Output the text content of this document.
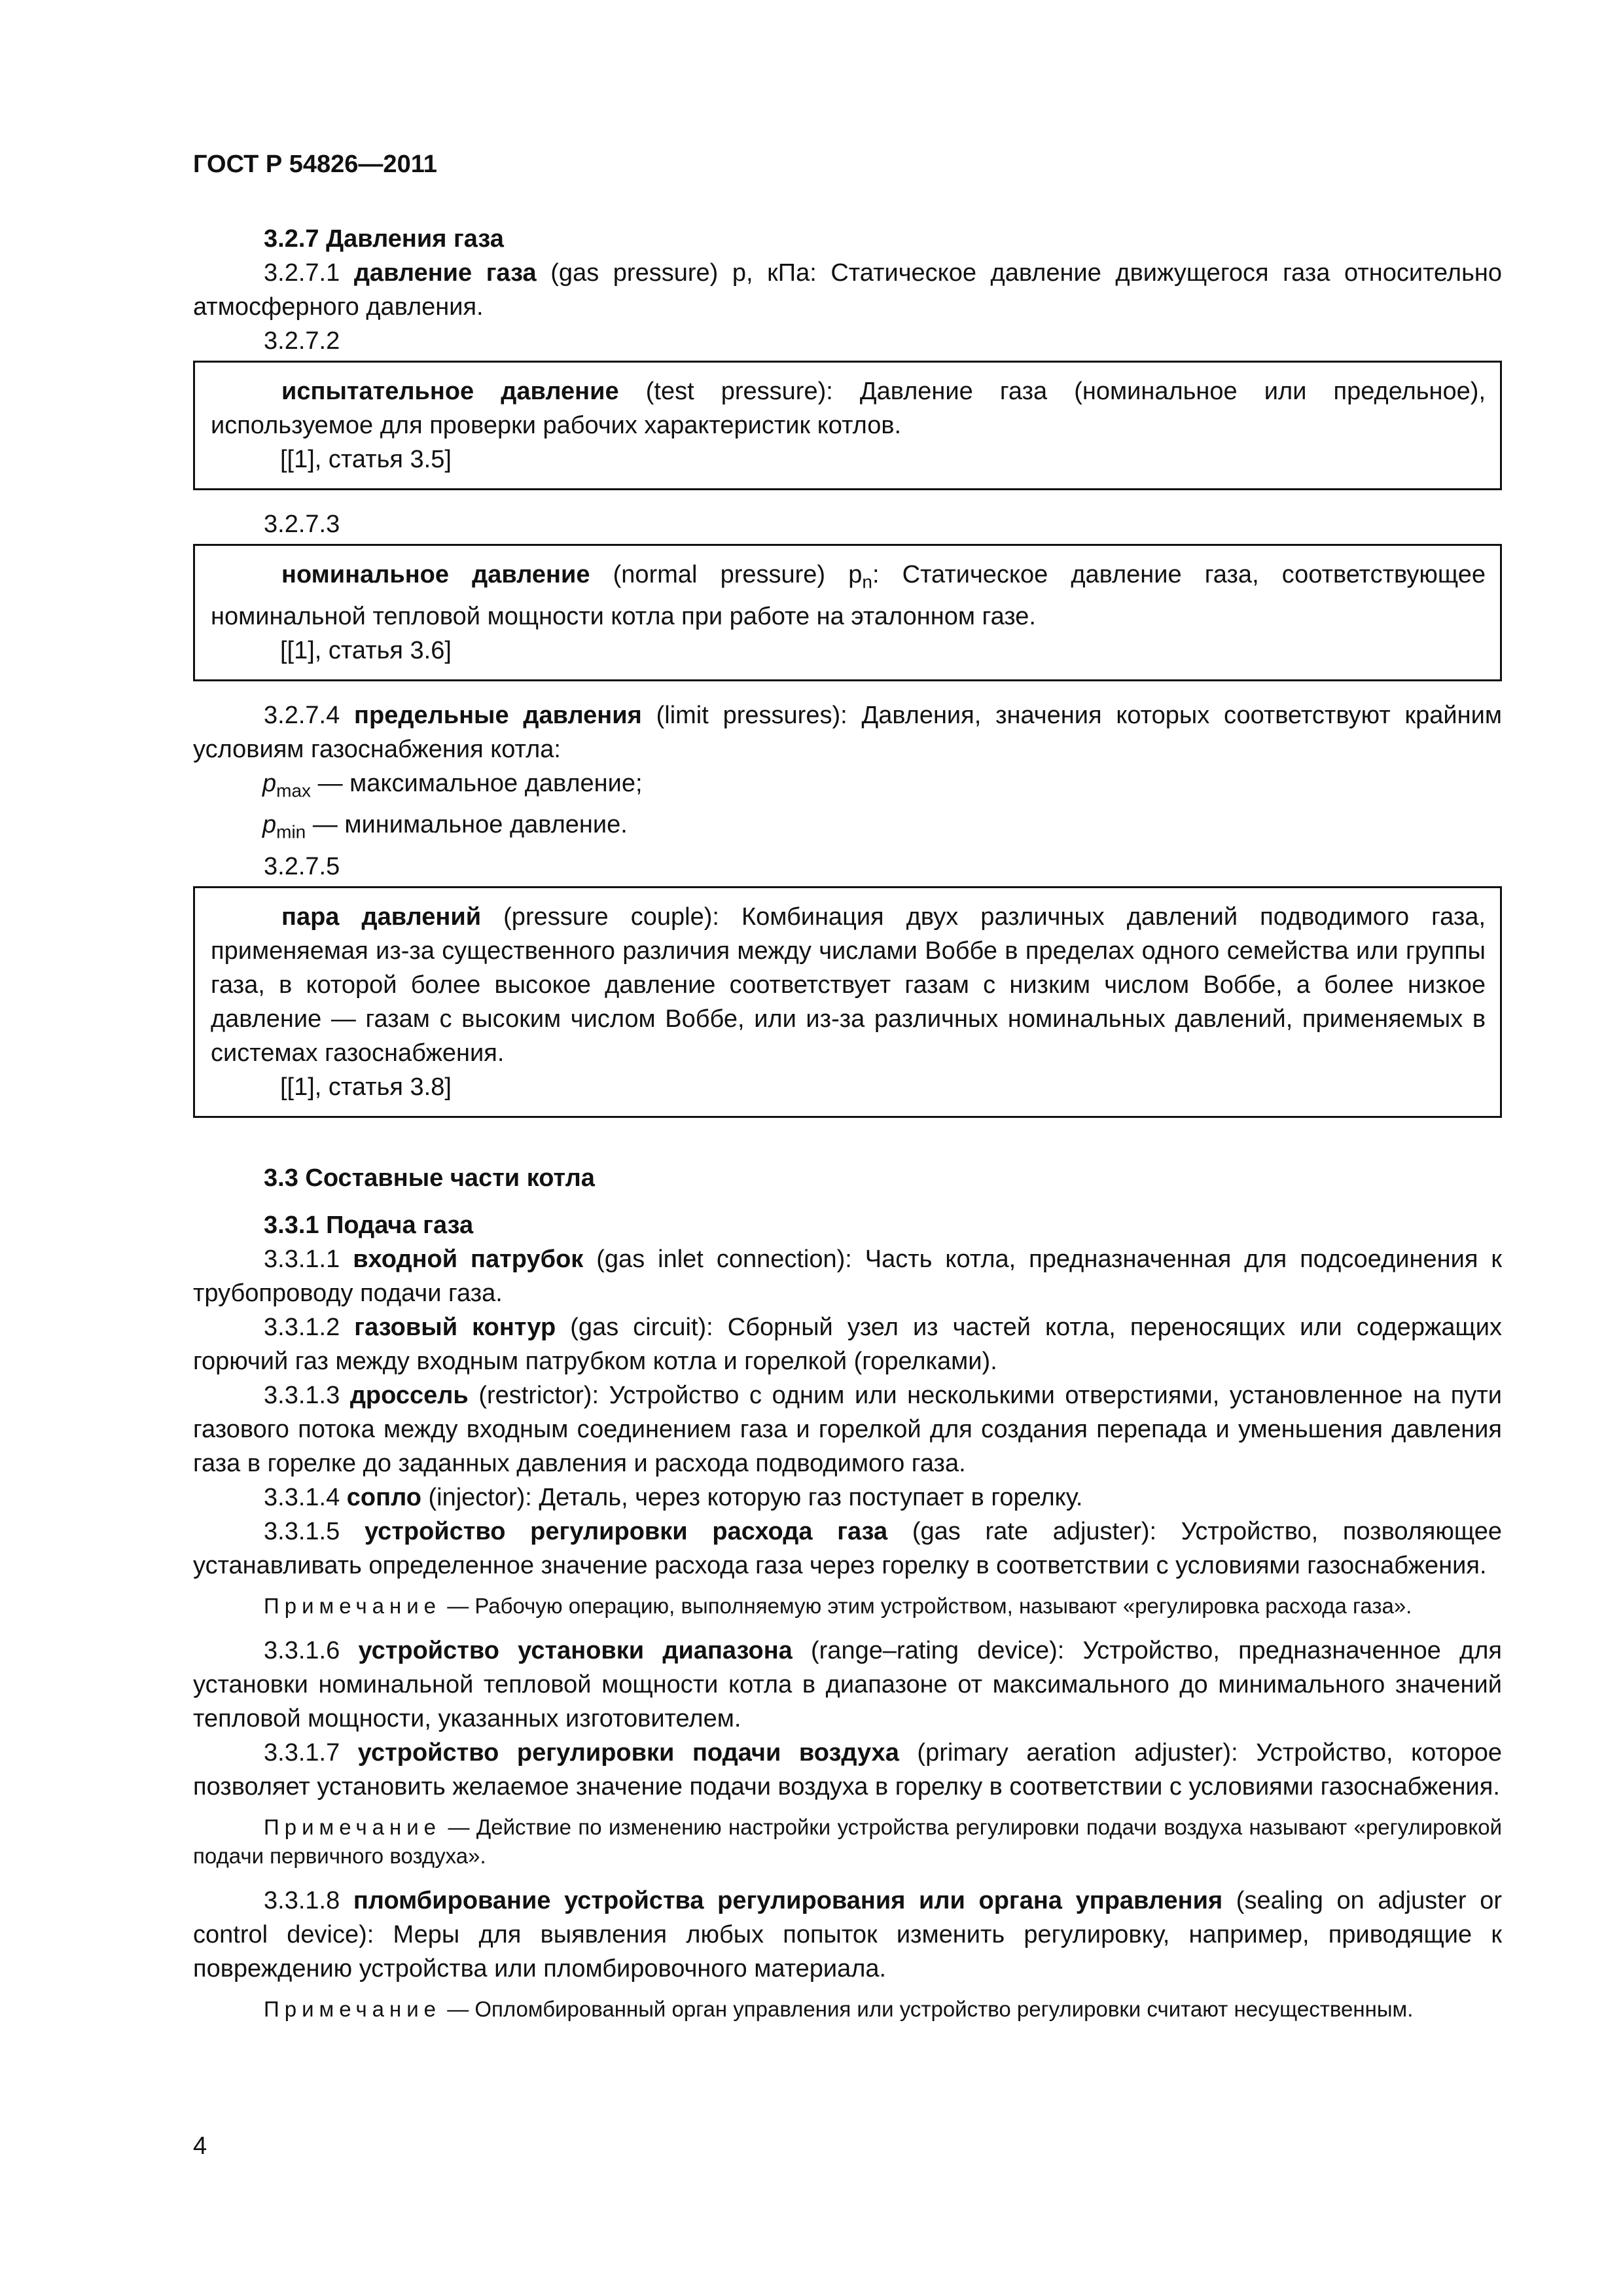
ГОСТ Р 54826—2011

3.2.7 Давления газа

3.2.7.1 давление газа (gas pressure) p, кПа: Статическое давление движущегося газа относительно атмосферного давления.

3.2.7.2

испытательное давление (test pressure): Давление газа (номинальное или предельное), используемое для проверки рабочих характеристик котлов.

[[1], статья 3.5]

3.2.7.3

номинальное давление (normal pressure) $p_n$: Статическое давление газа, соответствующее номинальной тепловой мощности котла при работе на эталонном газе.

[[1], статья 3.6]

3.2.7.4 предельные давления (limit pressures): Давления, значения которых соответствуют крайним условиям газоснабжения котла:

$p_{max}$ — максимальное давление;

$p_{min}$ — минимальное давление.

3.2.7.5

пара давлений (pressure couple): Комбинация двух различных давлений подводимого газа, применяемая из-за существенного различия между числами Воббе в пределах одного семейства или группы газа, в которой более высокое давление соответствует газам с низким числом Воббе, а более низкое давление — газам с высоким числом Воббе, или из-за различных номинальных давлений, применяемых в системах газоснабжения.

[[1], статья 3.8]

3.3 Составные части котла

3.3.1 Подача газа

3.3.1.1 входной патрубок (gas inlet connection): Часть котла, предназначенная для подсоединения к трубопроводу подачи газа.

3.3.1.2 газовый контур (gas circuit): Сборный узел из частей котла, переносящих или содержащих горючий газ между входным патрубком котла и горелкой (горелками).

3.3.1.3 дроссель (restrictor): Устройство с одним или несколькими отверстиями, установленное на пути газового потока между входным соединением газа и горелкой для создания перепада и уменьшения давления газа в горелке до заданных давления и расхода подводимого газа.

3.3.1.4 сопло (injector): Деталь, через которую газ поступает в горелку.

3.3.1.5 устройство регулировки расхода газа (gas rate adjuster): Устройство, позволяющее устанавливать определенное значение расхода газа через горелку в соответствии с условиями газоснабжения.

Примечание — Рабочую операцию, выполняемую этим устройством, называют «регулировка расхода газа».

3.3.1.6 устройство установки диапазона (range–rating device): Устройство, предназначенное для установки номинальной тепловой мощности котла в диапазоне от максимального до минимального значений тепловой мощности, указанных изготовителем.

3.3.1.7 устройство регулировки подачи воздуха (primary aeration adjuster): Устройство, которое позволяет установить желаемое значение подачи воздуха в горелку в соответствии с условиями газоснабжения.

Примечание — Действие по изменению настройки устройства регулировки подачи воздуха называют «регулировкой подачи первичного воздуха».

3.3.1.8 пломбирование устройства регулирования или органа управления (sealing on adjuster or control device): Меры для выявления любых попыток изменить регулировку, например, приводящие к повреждению устройства или пломбировочного материала.

Примечание — Опломбированный орган управления или устройство регулировки считают несущественным.

4
